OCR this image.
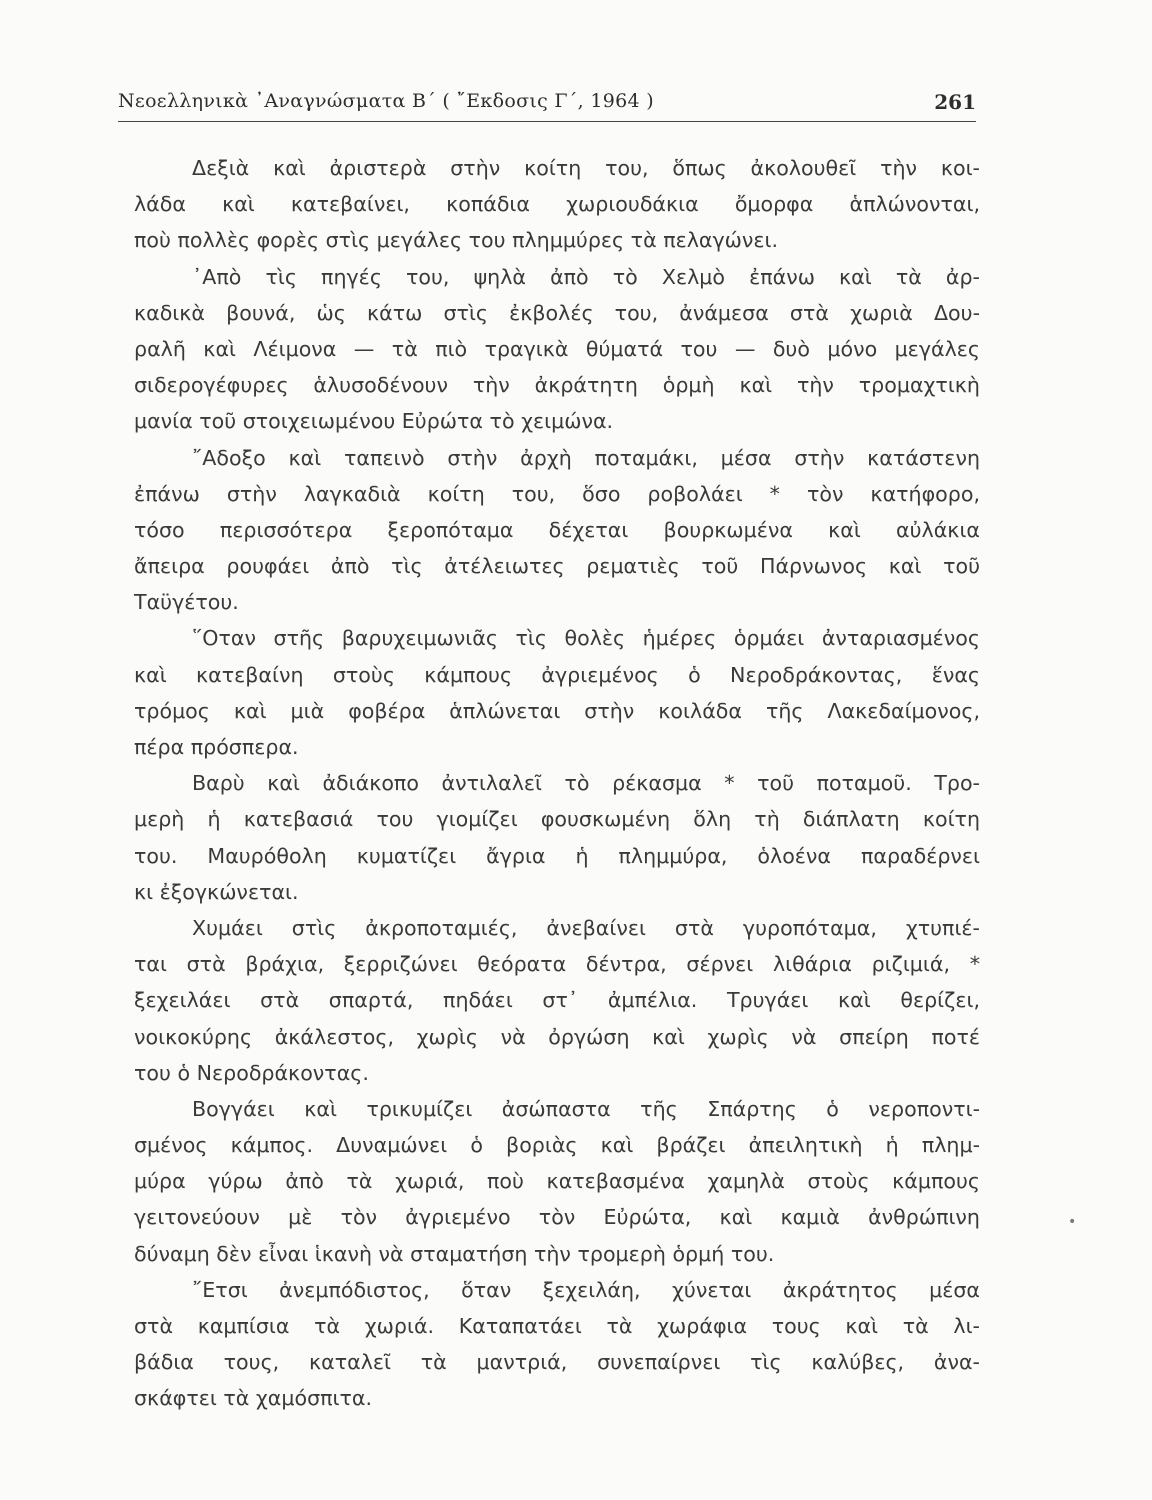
Νεοελληνικὰ ᾿Αναγνώσματα Β΄ ( ῎Εκδοσις Γ΄, 1964 )	261

Δεξιὰ καὶ ἀριστερὰ στὴν κοίτη του, ὅπως ἀκολουθεῖ τὴν κοι-
λάδα καὶ κατεβαίνει, κοπάδια χωριουδάκια ὄμορφα ἁπλώνονται,
ποὺ πολλὲς φορὲς στὶς μεγάλες του πλημμύρες τὰ πελαγώνει.

᾿Απὸ τὶς πηγές του, ψηλὰ ἀπὸ τὸ Χελμὸ ἐπάνω καὶ τὰ ἀρ-
καδικὰ βουνά, ὡς κάτω στὶς ἐκβολές του, ἀνάμεσα στὰ χωριὰ Δου-
ραλῆ καὶ Λέιμονα — τὰ πιὸ τραγικὰ θύματά του — δυὸ μόνο μεγάλες
σιδερογέφυρες ἁλυσοδένουν τὴν ἀκράτητη ὁρμὴ καὶ τὴν τρομαχτικὴ
μανία τοῦ στοιχειωμένου Εὐρώτα τὸ χειμώνα.

῎Αδοξο καὶ ταπεινὸ στὴν ἀρχὴ ποταμάκι, μέσα στὴν κατάστενη
ἐπάνω στὴν λαγκαδιὰ κοίτη του, ὅσο ροβολάει * τὸν κατήφορο,
τόσο περισσότερα ξεροπόταμα δέχεται βουρκωμένα καὶ αὐλάκια
ἄπειρα ρουφάει ἀπὸ τὶς ἀτέλειωτες ρεματιὲς τοῦ Πάρνωνος καὶ τοῦ
Ταϋγέτου.

῞Οταν στῆς βαρυχειμωνιᾶς τὶς θολὲς ἡμέρες ὁρμάει ἀνταριασμένος
καὶ κατεβαίνη στοὺς κάμπους ἀγριεμένος ὁ Νεροδράκοντας, ἕνας
τρόμος καὶ μιὰ φοβέρα ἁπλώνεται στὴν κοιλάδα τῆς Λακεδαίμονος,
πέρα πρόσπερα.

Βαρὺ καὶ ἀδιάκοπο ἀντιλαλεῖ τὸ ρέκασμα * τοῦ ποταμοῦ. Τρο-
μερὴ ἡ κατεβασιά του γιομίζει φουσκωμένη ὅλη τὴ διάπλατη κοίτη
του. Μαυρόθολη κυματίζει ἄγρια ἡ πλημμύρα, ὁλοένα παραδέρνει
κι ἐξογκώνεται.

Χυμάει στὶς ἀκροποταμιές, ἀνεβαίνει στὰ γυροπόταμα, χτυπιέ-
ται στὰ βράχια, ξερριζώνει θεόρατα δέντρα, σέρνει λιθάρια ριζιμιά, *
ξεχειλάει στὰ σπαρτά, πηδάει στ᾿ ἀμπέλια. Τρυγάει καὶ θερίζει,
νοικοκύρης ἀκάλεστος, χωρὶς νὰ ὀργώση καὶ χωρὶς νὰ σπείρη ποτέ
του ὁ Νεροδράκοντας.

Βογγάει καὶ τρικυμίζει ἀσώπαστα τῆς Σπάρτης ὁ νεροποντι-
σμένος κάμπος. Δυναμώνει ὁ βοριὰς καὶ βράζει ἀπειλητικὴ ἡ πλημ-
μύρα γύρω ἀπὸ τὰ χωριά, ποὺ κατεβασμένα χαμηλὰ στοὺς κάμπους
γειτονεύουν μὲ τὸν ἀγριεμένο τὸν Εὐρώτα, καὶ καμιὰ ἀνθρώπινη
δύναμη δὲν εἶναι ἱκανὴ νὰ σταματήση τὴν τρομερὴ ὁρμή του.

῎Ετσι ἀνεμπόδιστος, ὅταν ξεχειλάη, χύνεται ἀκράτητος μέσα
στὰ καμπίσια τὰ χωριά. Καταπατάει τὰ χωράφια τους καὶ τὰ λι-
βάδια τους, καταλεῖ τὰ μαντριά, συνεπαίρνει τὶς καλύβες, ἀνα-
σκάφτει τὰ χαμόσπιτα.

•
